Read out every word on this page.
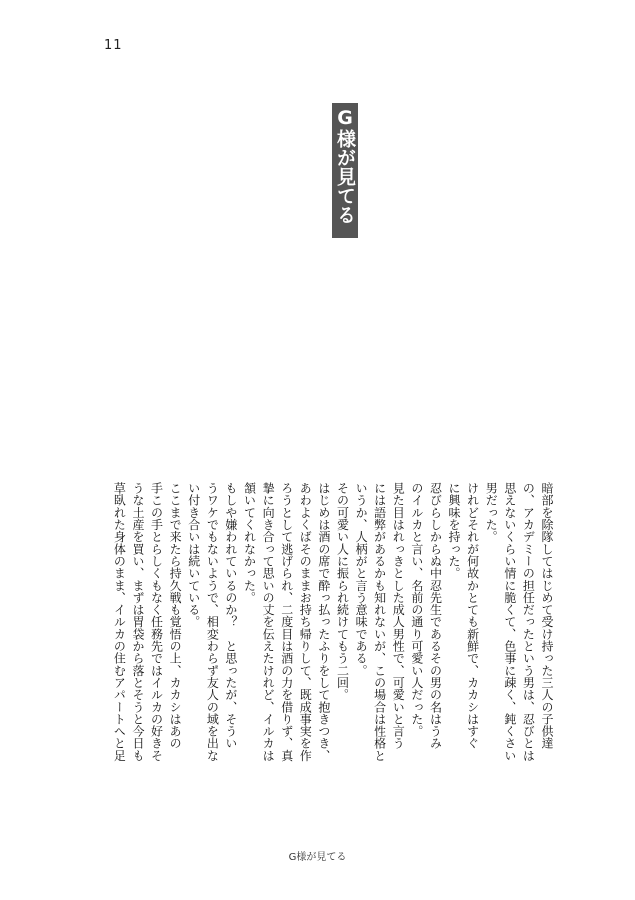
11
G様が見てる
暗部を除隊してはじめて受け持った三人の子供達
の、アカデミーの担任だったという男は、忍びとは
思えないくらい情に脆くて、色事に疎く、鈍くさい
男だった。
けれどそれが何故かとても新鮮で、カカシはすぐ
に興味を持った。
忍びらしからぬ中忍先生であるその男の名はうみ
のイルカと言い、名前の通り可愛い人だった。
見た目はれっきとした成人男性で、可愛いと言う
には語弊があるかも知れないが、この場合は性格と
いうか、人柄がと言う意味である。
その可愛い人に振られ続けてもう二回。
はじめは酒の席で酔っ払ったふりをして抱きつき、
あわよくばそのままお持ち帰りして、既成事実を作
ろうとして逃げられ、二度目は酒の力を借りず、真
摯に向き合って思いの丈を伝えたけれど、イルカは
頷いてくれなかった。
もしや嫌われているのか？　と思ったが、そうい
うワケでもないようで、相変わらず友人の域を出な
い付き合いは続いている。
ここまで来たら持久戦も覚悟の上、カカシはあの
手この手とらしくもなく任務先ではイルカの好きそ
うな土産を買い、まずは胃袋から落とそうと今日も
草臥れた身体のまま、イルカの住むアパートへと足
G様が見てる
